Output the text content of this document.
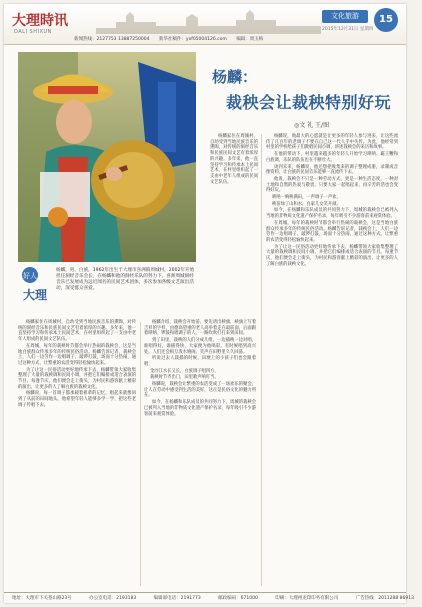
大理時讯
DALI SHIXUN
文化旅游
2015年12月31日 星期四
15
新闻热线：2127753 13887250004 新华社稿件：yxf05004126.com 编辑：周玉梅
好人
大理
杨麟，男，白族，1962年出生于大理市喜洲镇周城村，2002年开始担任洞经音乐会长，在杨麟和他的洞经乐队的努力下，喜洲周城洞经音乐已发展成为远近闻名的民间艺术团体，多次参加各级文艺演出活动，深受群众喜爱。
杨麟：
裁秧会让裁秧特别好玩
◎文 礼 王/图

杨麟家住在周城村，自幼受到当地民族音乐的熏陶，对传统的洞经音乐和民族民间文艺有着浓厚的兴趣。多年来，他一直坚持学习和传承本土民间艺术，在村里组织起了一支由中老年人组成的民间文艺队伍。

在周城，每年的栽秧时节都会举行热闹的栽秧会，这是当地白族群众传承多年的传统民俗活动。杨麟告诉记者，栽秧会上，人们一边劳作一边唱调子，敲锣打鼓，场面十分热闹，通过这种方式，让繁重的农活变得轻松愉快起来。

为了让这一民俗活动更好地传承下去，杨麟带领大家收集整理了大量的栽秧调和民间小调，并把它们编排成适合表演的节目。每逢节庆，他们便会走上街头，为村民和游客献上精彩的演出，让更多的人了解白族的栽秧文化。

杨麟说，每一首调子都承载着祖辈的记忆，唱起来就像回到了从前的田间地头。他希望年轻人能够多学一学，把这些老调子传唱下去。

杨麟介绍，栽秧会开始前，要先请出秧旗，秧旗上写着吉祥的字样，由德高望重的老人高举着走在最前面，后面跟着唢呐、锣鼓和唱调子的人，一路吹吹打打来到田间。

到了田里，栽秧的人们分成几组，一边插秧一边对唱，谁唱得好，谁插得快，大家便为他喝彩。有时候唱到高兴处，人们还会相互泼水嬉闹，笑声在田野里久久回荡。

听说过去人栽插的时候，田埂上的小孩子们也会跟着唱：

金沙江水长又长，白族调子唱四方，

栽秧时节齐出门，田里歌声响叮当。

杨麟说，栽秧会让繁重的农活变成了一场欢乐的聚会，让人在劳动中感受到生活的美好，这正是民俗文化的魅力所在。

如今，在杨麟和乐队成员的共同努力下，周城的栽秧会已被列入当地的非物质文化遗产保护名录，每年吸引不少游客前来观赏体验。

杨麟家住在周城村，自幼受到当地民族音乐的熏陶，对传统的洞经音乐和民族民间文艺有着浓厚的兴趣。多年来，他一直坚持学习和传承本土民间艺术，在村里组织起了一支由中老年人组成的民间文艺队伍。

杨麟说，他最大的心愿就是让更多的年轻人参与进来，让这些流传了几百年的老调子不要在自己这一代人手中失传。为此，他经常到村里的学校给孩子们教唱民间小调，讲述栽秧会的来历和故事。

在他的带动下，村里越来越多的年轻人开始学习唢呐、霸王鞭和白族调，乐队的队伍也在不断壮大。

谈到未来，杨麟说，他还想把收集来的调子整理成册，录制成音像资料，让白族的民间音乐能够一直流传下去。

他说，栽秧会不只是一种劳动方式，更是一种生活态度，一种对土地和自然的热爱与敬畏。只要大家一起唱起来，再辛苦的活也会变得好玩。

唢呐一响秧满田，一声调子一声欢，

秧苗绿了山和水，白家儿女笑开颜。

如今，在杨麟和乐队成员的共同努力下，周城的栽秧会已被列入当地的非物质文化遗产保护名录，每年吸引不少游客前来观赏体验。

在周城，每年的栽秧时节都会举行热闹的栽秧会，这是当地白族群众传承多年的传统民俗活动。杨麟告诉记者，栽秧会上，人们一边劳作一边唱调子，敲锣打鼓，场面十分热闹，通过这种方式，让繁重的农活变得轻松愉快起来。

为了让这一民俗活动更好地传承下去，杨麟带领大家收集整理了大量的栽秧调和民间小调，并把它们编排成适合表演的节目。每逢节庆，他们便会走上街头，为村民和游客献上精彩的演出，让更多的人了解白族的栽秧文化。

地址：大理市下关苍山路23号	办公室电话：2193183	编辑部电话：2191773	邮政编码：671000	印刷：大理州龙印印务有限公司	广告热线：2011288 86913
